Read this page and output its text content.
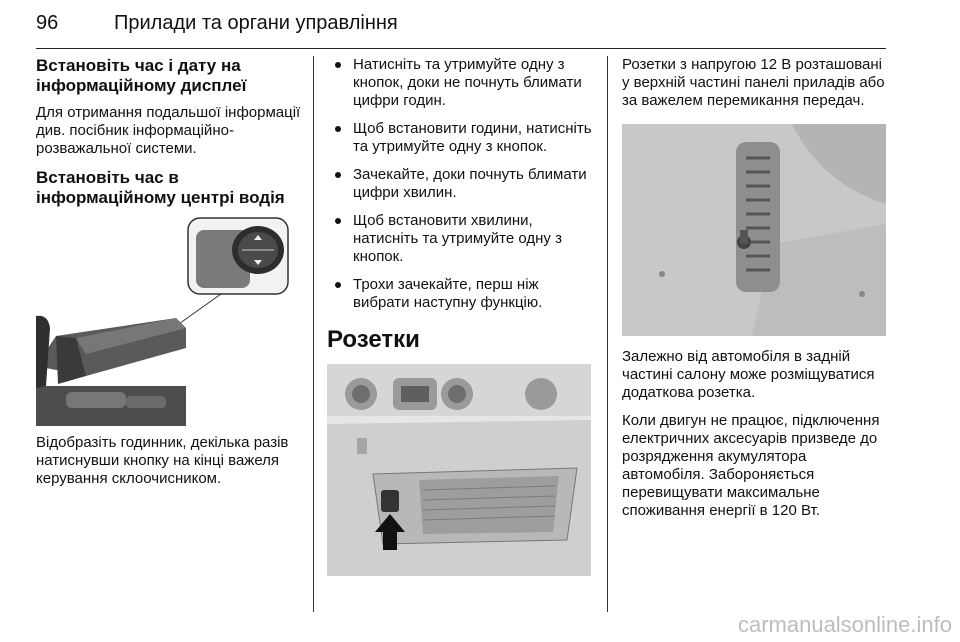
96	Прилади та органи управління
Встановіть час і дату на інформаційному дисплеї

Для отримання подальшої інформації див. посібник інформаційно-розважальної системи.

Встановіть час в інформаційному центрі водія

Відобразіть годинник, декілька разів натиснувши кнопку на кінці важеля керування склоочисником.

Натисніть та утримуйте одну з кнопок, доки не почнуть блимати цифри годин.
Щоб встановити години, натисніть та утримуйте одну з кнопок.
Зачекайте, доки почнуть блимати цифри хвилин.
Щоб встановити хвилини, натисніть та утримуйте одну з кнопок.
Трохи зачекайте, перш ніж вибрати наступну функцію.
Розетки

Розетки з напругою 12 В розташовані у верхній частині панелі приладів або за важелем перемикання передач.

Залежно від автомобіля в задній частині салону може розміщуватися додаткова розетка.

Коли двигун не працює, підключення електричних аксесуарів призведе до розрядження акумулятора автомобіля. Забороняється перевищувати максимальне споживання енергії в 120 Вт.

carmanualsonline.info
